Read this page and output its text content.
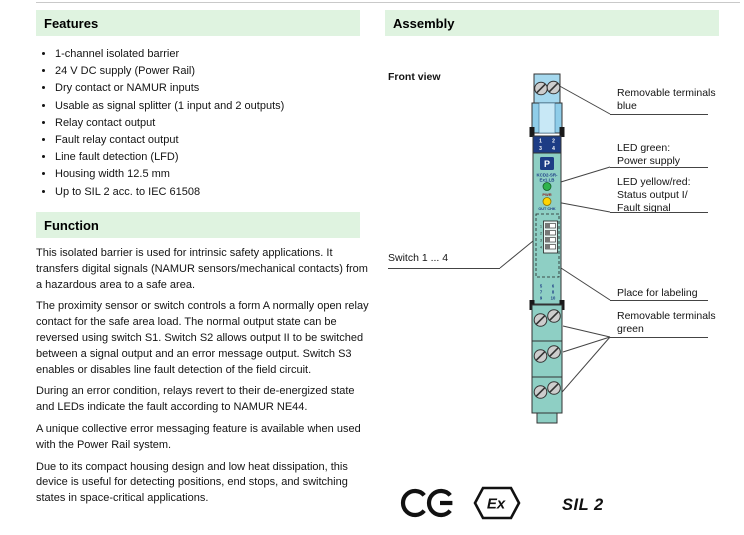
Features
• 1-channel isolated barrier
• 24 V DC supply (Power Rail)
• Dry contact or NAMUR inputs
• Usable as signal splitter (1 input and 2 outputs)
• Relay contact output
• Fault relay contact output
• Line fault detection (LFD)
• Housing width 12.5 mm
• Up to SIL 2 acc. to IEC 61508
Function

This isolated barrier is used for intrinsic safety applications. It transfers digital signals (NAMUR sensors/mechanical contacts) from a hazardous area to a safe area.

The proximity sensor or switch controls a form A normally open relay contact for the safe area load. The normal output state can be reversed using switch S1. Switch S2 allows output II to be switched between a signal output and an error message output. Switch S3 enables or disables line fault detection of the field circuit.

During an error condition, relays revert to their de-energized state and LEDs indicate the fault according to NAMUR NE44.

A unique collective error messaging feature is available when used with the Power Rail system.

Due to its compact housing design and low heat dissipation, this device is useful for detecting positions, end stops, and switching states in space-critical applications.

Assembly
Front view
Removable terminals
blue
LED green:
Power supply
LED yellow/red:
Status output I/
Fault signal
Place for labeling
Removable terminals
green
Switch 1 ... 4
1 2
3 4
P
KCD2-SR-
Ex1.LB
PWR
OUT CHK
1
2
3
4
5 6
7 8
9 10
Ex	SIL 2
